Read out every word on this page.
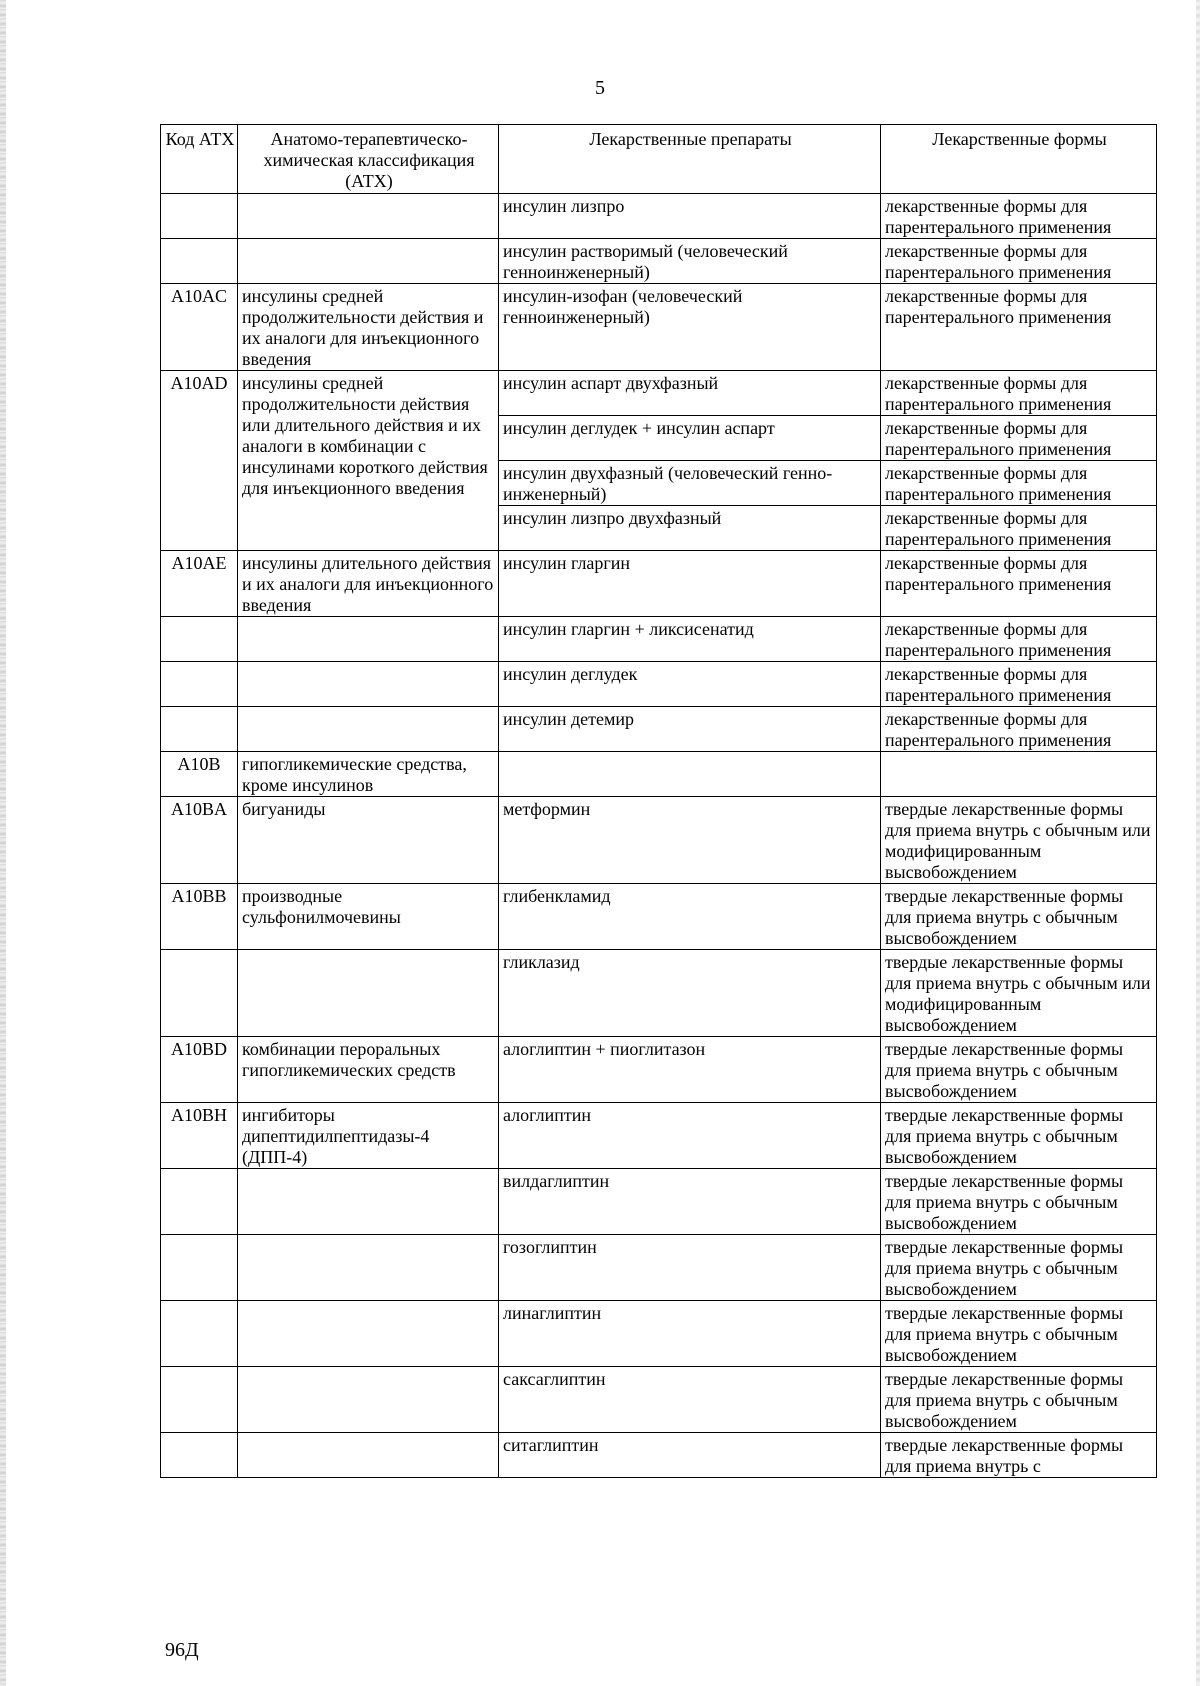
5
Код АТХ	Анатомо-терапевтическо-химическая классификация (АТХ)	Лекарственные препараты	Лекарственные формы
		инсулин лизпро	лекарственные формы для парентерального применения
		инсулин растворимый (человеческий генноинженерный)	лекарственные формы для парентерального применения
A10AC	инсулины средней продолжительности действия и их аналоги для инъекционного введения	инсулин-изофан (человеческий генноинженерный)	лекарственные формы для парентерального применения
A10AD	инсулины средней продолжительности действия или длительного действия и их аналоги в комбинации с инсулинами короткого действия для инъекционного введения	инсулин аспарт двухфазный	лекарственные формы для парентерального применения
		инсулин деглудек + инсулин аспарт	лекарственные формы для парентерального применения
		инсулин двухфазный (человеческий генно-инженерный)	лекарственные формы для парентерального применения
		инсулин лизпро двухфазный	лекарственные формы для парентерального применения
A10AE	инсулины длительного действия и их аналоги для инъекционного введения	инсулин гларгин	лекарственные формы для парентерального применения
		инсулин гларгин + ликсисенатид	лекарственные формы для парентерального применения
		инсулин деглудек	лекарственные формы для парентерального применения
		инсулин детемир	лекарственные формы для парентерального применения
A10B	гипогликемические средства, кроме инсулинов		
A10BA	бигуаниды	метформин	твердые лекарственные формы для приема внутрь с обычным или модифицированным высвобождением
A10BB	производные сульфонилмочевины	глибенкламид	твердые лекарственные формы для приема внутрь с обычным высвобождением
		гликлазид	твердые лекарственные формы для приема внутрь с обычным или модифицированным высвобождением
A10BD	комбинации пероральных гипогликемических средств	алоглиптин + пиоглитазон	твердые лекарственные формы для приема внутрь с обычным высвобождением
A10BH	ингибиторы дипептидилпептидазы-4 (ДПП-4)	алоглиптин	твердые лекарственные формы для приема внутрь с обычным высвобождением
		вилдаглиптин	твердые лекарственные формы для приема внутрь с обычным высвобождением
		гозоглиптин	твердые лекарственные формы для приема внутрь с обычным высвобождением
		линаглиптин	твердые лекарственные формы для приема внутрь с обычным высвобождением
		саксаглиптин	твердые лекарственные формы для приема внутрь с обычным высвобождением
		ситаглиптин	твердые лекарственные формы для приема внутрь с
96Д
